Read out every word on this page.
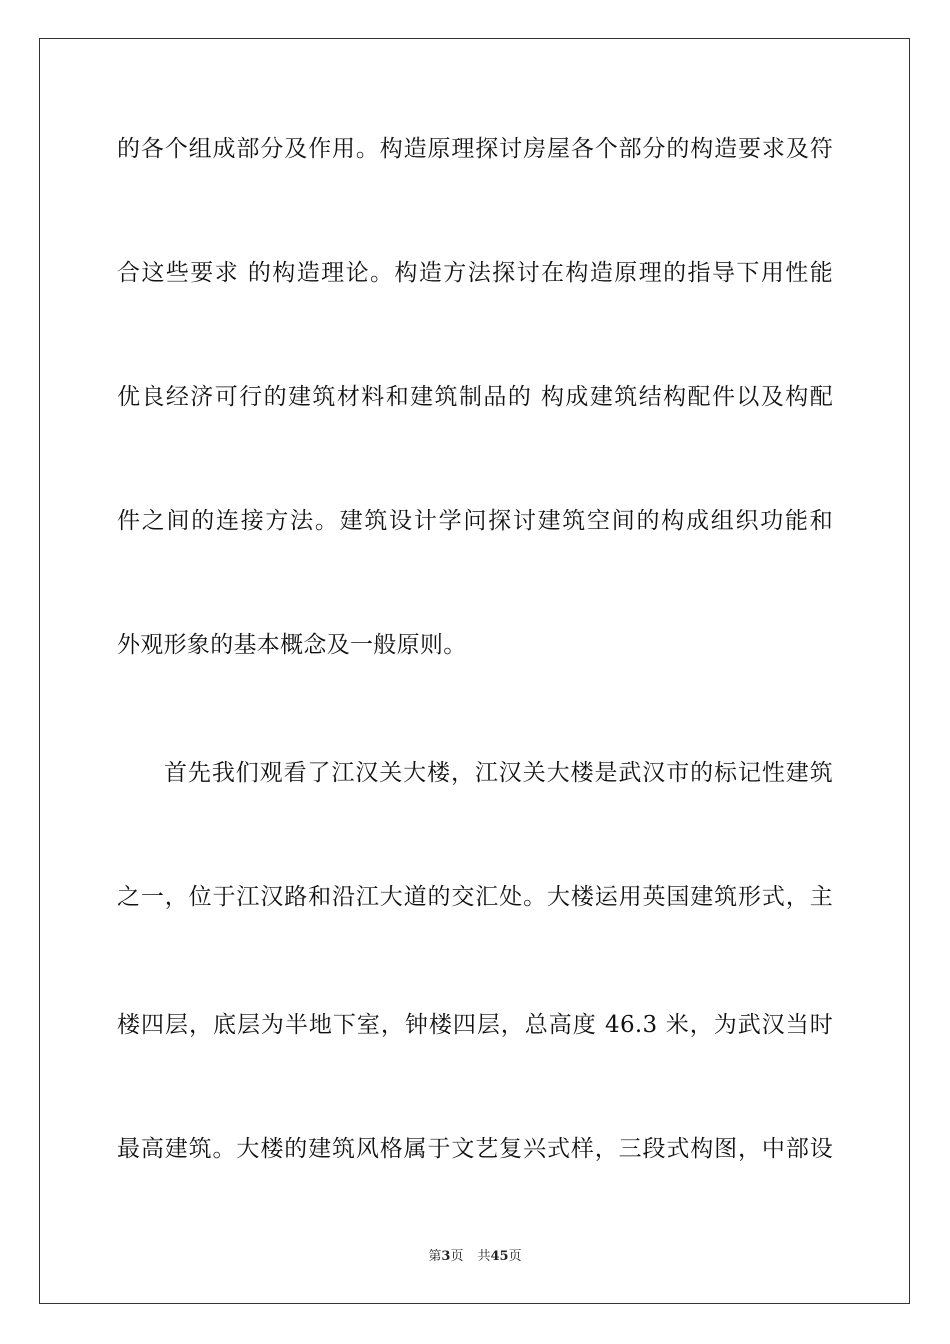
的各个组成部分及作用。构造原理探讨房屋各个部分的构造要求及符
合这些要求 的构造理论。构造方法探讨在构造原理的指导下用性能
优良经济可行的建筑材料和建筑制品的 构成建筑结构配件以及构配
件之间的连接方法。建筑设计学问探讨建筑空间的构成组织功能和
外观形象的基本概念及一般原则。
首先我们观看了江汉关大楼，江汉关大楼是武汉市的标记性建筑
之一，位于江汉路和沿江大道的交汇处。大楼运用英国建筑形式，主
楼四层，底层为半地下室，钟楼四层，总高度 46.3 米，为武汉当时
最高建筑。大楼的建筑风格属于文艺复兴式样，三段式构图，中部设
第3页 共45页
